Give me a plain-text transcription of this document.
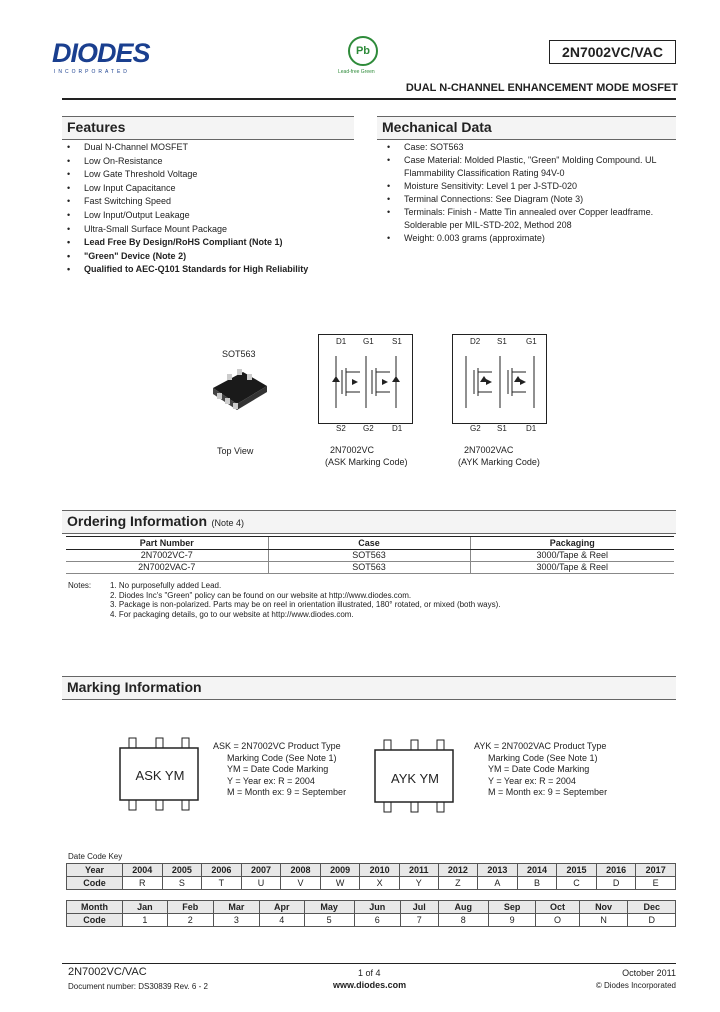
DIODES
INCORPORATED
Pb
Lead-free Green
2N7002VC/VAC
DUAL N-CHANNEL ENHANCEMENT MODE MOSFET
Features
• Dual N-Channel MOSFET
• Low On-Resistance
• Low Gate Threshold Voltage
• Low Input Capacitance
• Fast Switching Speed
• Low Input/Output Leakage
• Ultra-Small Surface Mount Package
• Lead Free By Design/RoHS Compliant (Note 1)
• "Green" Device (Note 2)
• Qualified to AEC-Q101 Standards for High Reliability
Mechanical Data
• Case: SOT563
• Case Material: Molded Plastic, "Green" Molding Compound. UL Flammability Classification Rating 94V-0
• Moisture Sensitivity: Level 1 per J-STD-020
• Terminal Connections: See Diagram (Note 3)
• Terminals: Finish - Matte Tin annealed over Copper leadframe. Solderable per MIL-STD-202, Method 208
• Weight: 0.003 grams (approximate)
SOT563
Top View
D1 G1 S1
S2 G2 D1
2N7002VC
(ASK Marking Code)
D2 S1 G1
G2 S1 D1
2N7002VAC
(AYK Marking Code)
Ordering Information (Note 4)
Part Number	Case	Packaging
2N7002VC-7	SOT563	3000/Tape & Reel
2N7002VAC-7	SOT563	3000/Tape & Reel
Notes: 1. No purposefully added Lead.
2. Diodes Inc's "Green" policy can be found on our website at http://www.diodes.com.
3. Package is non-polarized. Parts may be on reel in orientation illustrated, 180° rotated, or mixed (both ways).
4. For packaging details, go to our website at http://www.diodes.com.
Marking Information
ASK YM
ASK = 2N7002VC Product Type
Marking Code (See Note 1)
YM = Date Code Marking
Y = Year ex: R = 2004
M = Month ex: 9 = September
AYK YM
AYK = 2N7002VAC Product Type
Marking Code (See Note 1)
YM = Date Code Marking
Y = Year ex: R = 2004
M = Month ex: 9 = September
Date Code Key
Year	2004	2005	2006	2007	2008	2009	2010	2011	2012	2013	2014	2015	2016	2017
Code	R	S	T	U	V	W	X	Y	Z	A	B	C	D	E
Month	Jan	Feb	Mar	Apr	May	Jun	Jul	Aug	Sep	Oct	Nov	Dec
Code	1	2	3	4	5	6	7	8	9	O	N	D
2N7002VC/VAC
Document number: DS30839 Rev. 6 - 2
1 of 4
www.diodes.com
October 2011
© Diodes Incorporated
